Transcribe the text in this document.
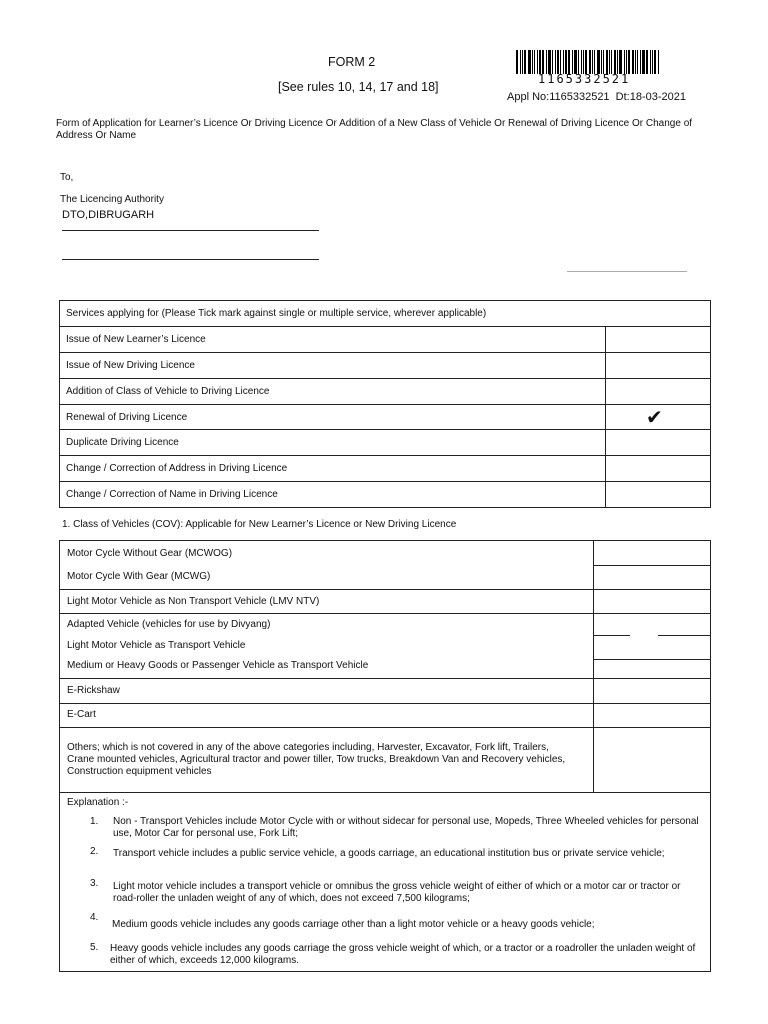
FORM 2
[See rules 10, 14, 17 and 18]
1165332521
Appl No:1165332521  Dt:18-03-2021
Form of Application for Learner’s Licence Or Driving Licence Or Addition of a New Class of Vehicle Or Renewal of Driving Licence Or Change of Address Or Name
To,
The Licencing Authority
DTO,DIBRUGARH
Services applying for (Please Tick mark against single or multiple service, wherever applicable)	
Issue of New Learner’s Licence	
Issue of New Driving Licence	
Addition of Class of Vehicle to Driving Licence	
Renewal of Driving Licence	✔

Duplicate Driving Licence	
Change / Correction of Address in Driving Licence	
Change / Correction of Name in Driving Licence	
1. Class of Vehicles (COV): Applicable for New Learner’s Licence or New Driving Licence
Motor Cycle Without Gear (MCWOG)
Motor Cycle With Gear (MCWG)
Light Motor Vehicle as Non Transport Vehicle (LMV NTV)
Adapted Vehicle (vehicles for use by Divyang)
Light Motor Vehicle as Transport Vehicle
Medium or Heavy Goods or Passenger Vehicle as Transport Vehicle
E-Rickshaw
E-Cart
Others; which is not covered in any of the above categories including, Harvester, Excavator, Fork lift, Trailers, Crane mounted vehicles, Agricultural tractor and power tiller, Tow trucks, Breakdown Van and Recovery vehicles, Construction equipment vehicles
Explanation :-
1. Non - Transport Vehicles include Motor Cycle with or without sidecar for personal use, Mopeds, Three Wheeled vehicles for personal use, Motor Car for personal use, Fork Lift;
2. Transport vehicle includes a public service vehicle, a goods carriage, an educational institution bus or private service vehicle;
3. Light motor vehicle includes a transport vehicle or omnibus the gross vehicle weight of either of which or a motor car or tractor or road-roller the unladen weight of any of which, does not exceed 7,500 kilograms;
4.
Medium goods vehicle includes any goods carriage other than a light motor vehicle or a heavy goods vehicle;
5. Heavy goods vehicle includes any goods carriage the gross vehicle weight of which, or a tractor or a roadroller the unladen weight of either of which, exceeds 12,000 kilograms.
